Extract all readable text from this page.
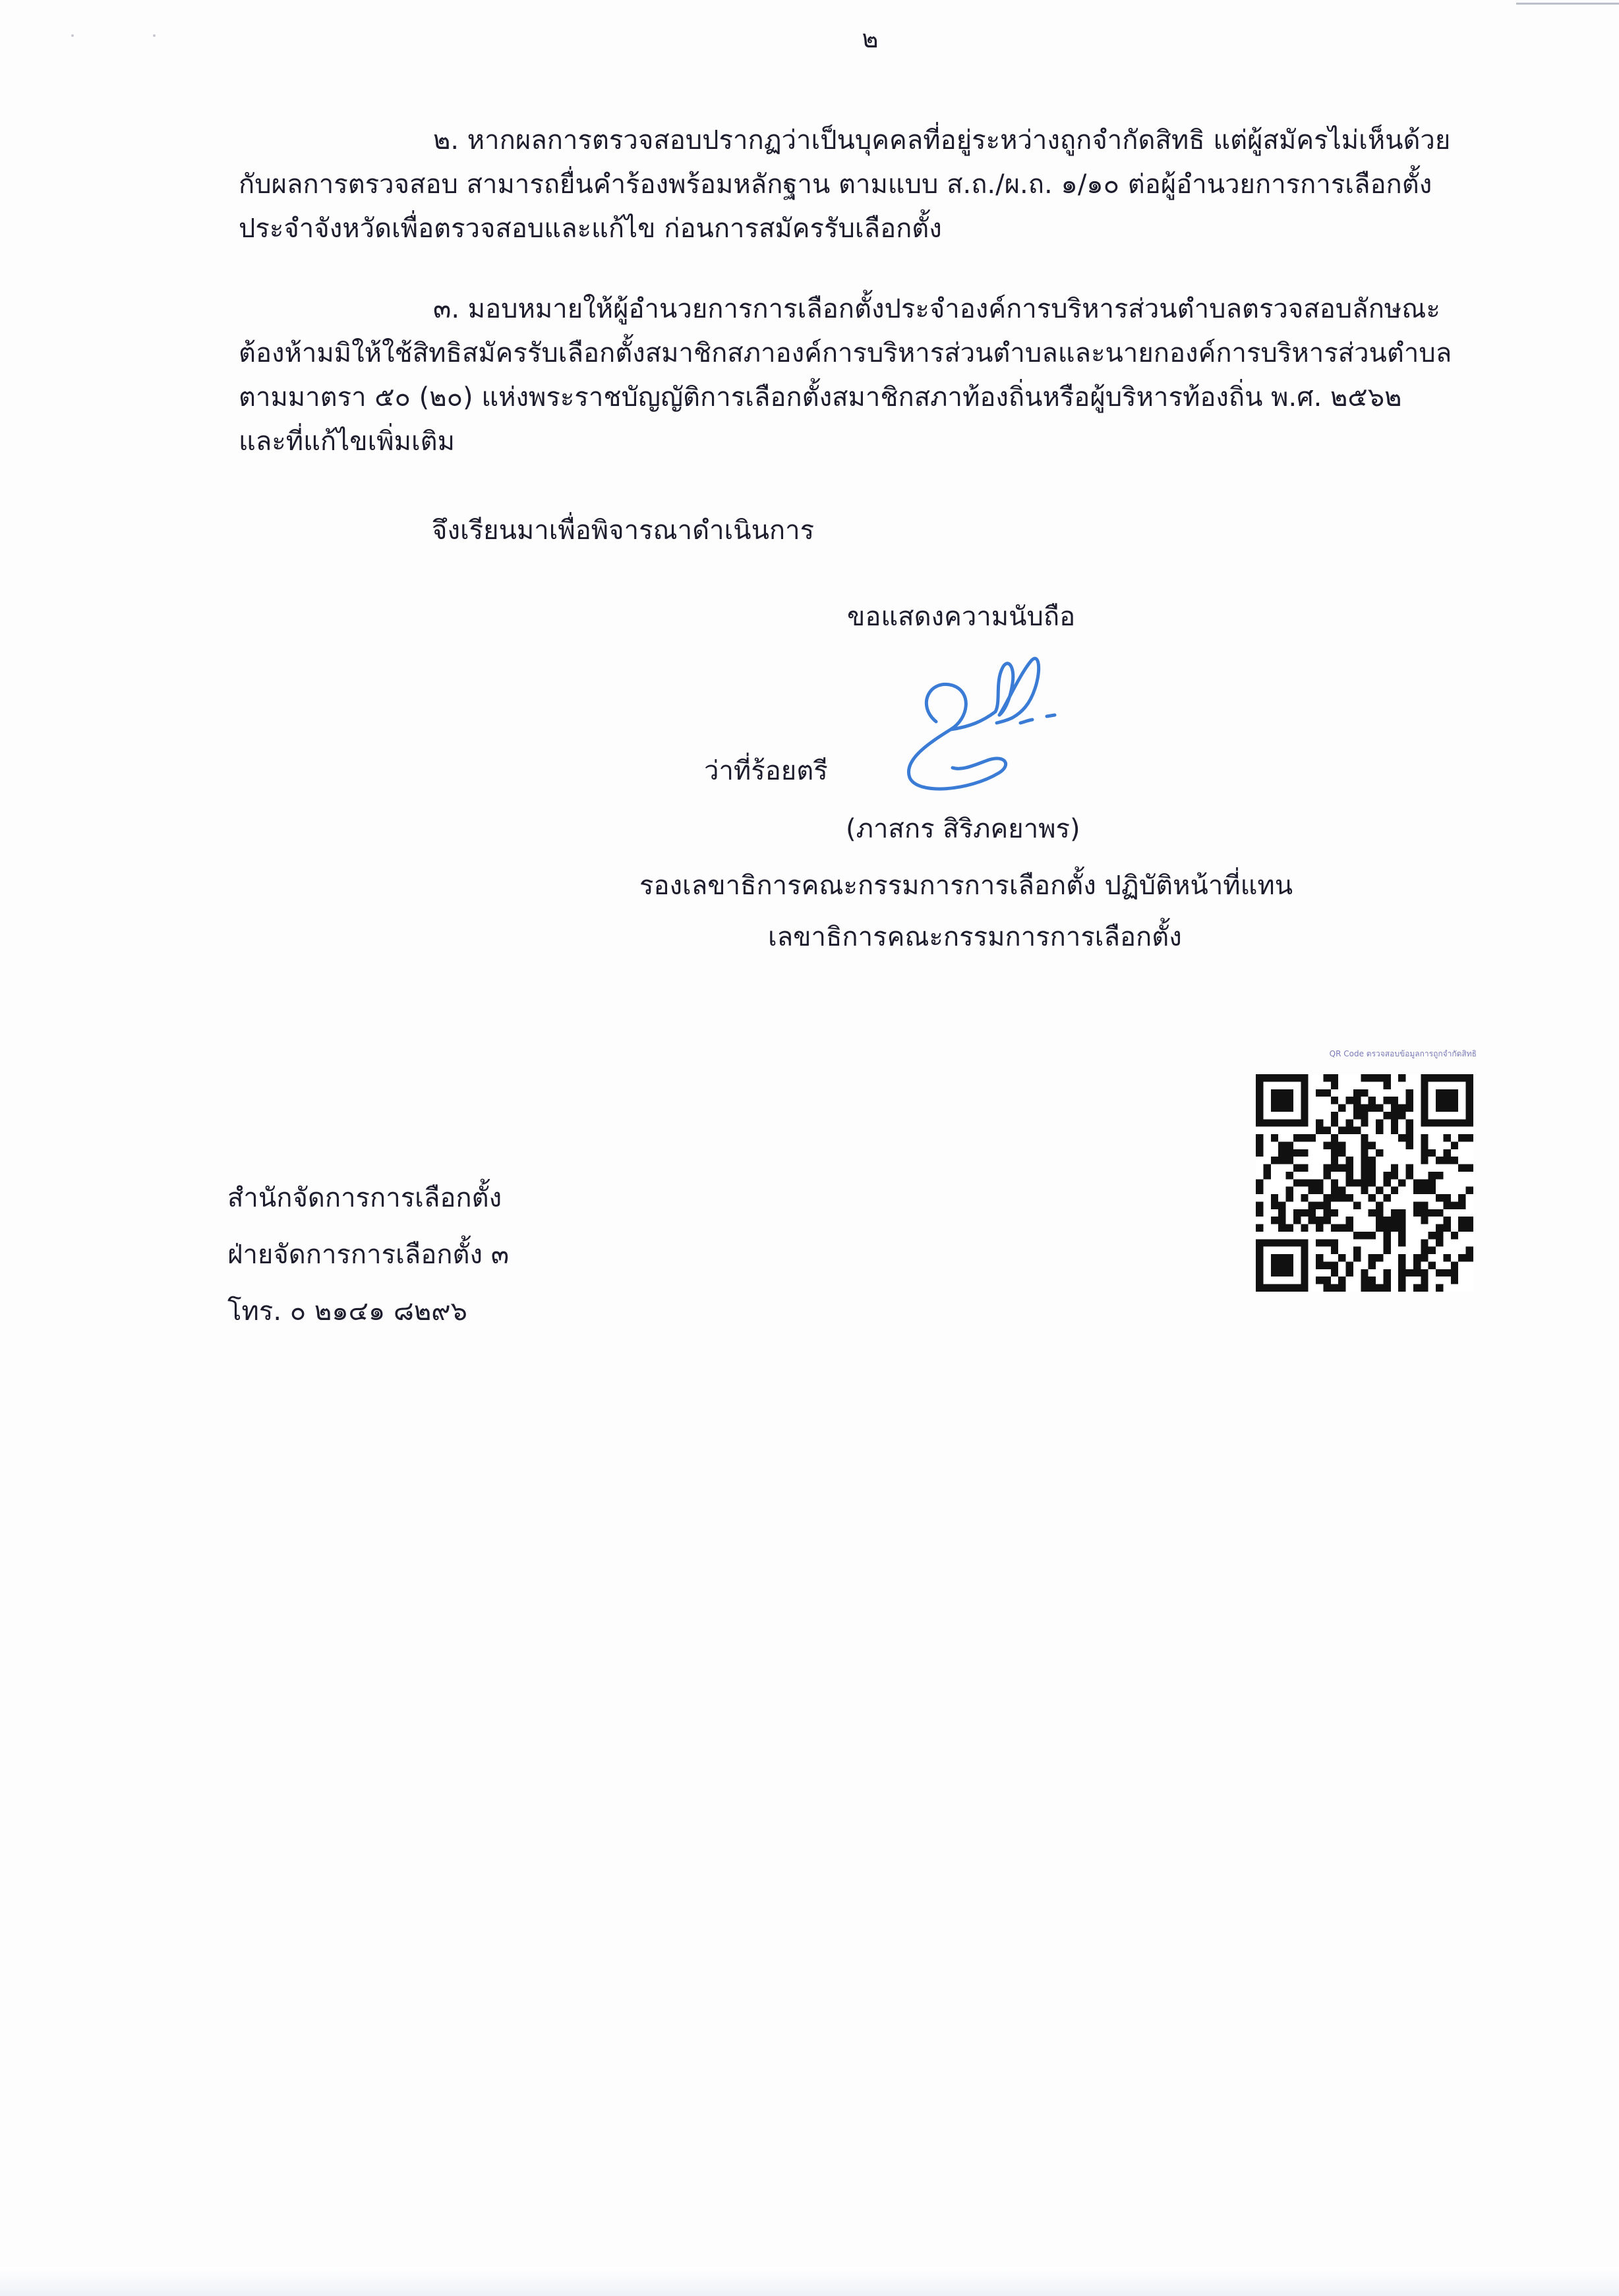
๒
๒. หากผลการตรวจสอบปรากฏว่าเป็นบุคคลที่อยู่ระหว่างถูกจำกัดสิทธิ แต่ผู้สมัครไม่เห็นด้วย
กับผลการตรวจสอบ สามารถยื่นคำร้องพร้อมหลักฐาน ตามแบบ ส.ถ./ผ.ถ. ๑/๑๐ ต่อผู้อำนวยการการเลือกตั้ง
ประจำจังหวัดเพื่อตรวจสอบและแก้ไข ก่อนการสมัครรับเลือกตั้ง
๓. มอบหมายให้ผู้อำนวยการการเลือกตั้งประจำองค์การบริหารส่วนตำบลตรวจสอบลักษณะ
ต้องห้ามมิให้ใช้สิทธิสมัครรับเลือกตั้งสมาชิกสภาองค์การบริหารส่วนตำบลและนายกองค์การบริหารส่วนตำบล
ตามมาตรา ๕๐ (๒๐) แห่งพระราชบัญญัติการเลือกตั้งสมาชิกสภาท้องถิ่นหรือผู้บริหารท้องถิ่น พ.ศ. ๒๕๖๒
และที่แก้ไขเพิ่มเติม
จึงเรียนมาเพื่อพิจารณาดำเนินการ
ขอแสดงความนับถือ
ว่าที่ร้อยตรี
(ภาสกร สิริภคยาพร)
รองเลขาธิการคณะกรรมการการเลือกตั้ง ปฏิบัติหน้าที่แทน
เลขาธิการคณะกรรมการการเลือกตั้ง
QR Code ตรวจสอบข้อมูลการถูกจำกัดสิทธิ
สำนักจัดการการเลือกตั้ง
ฝ่ายจัดการการเลือกตั้ง ๓
โทร. ๐ ๒๑๔๑ ๘๒๙๖
